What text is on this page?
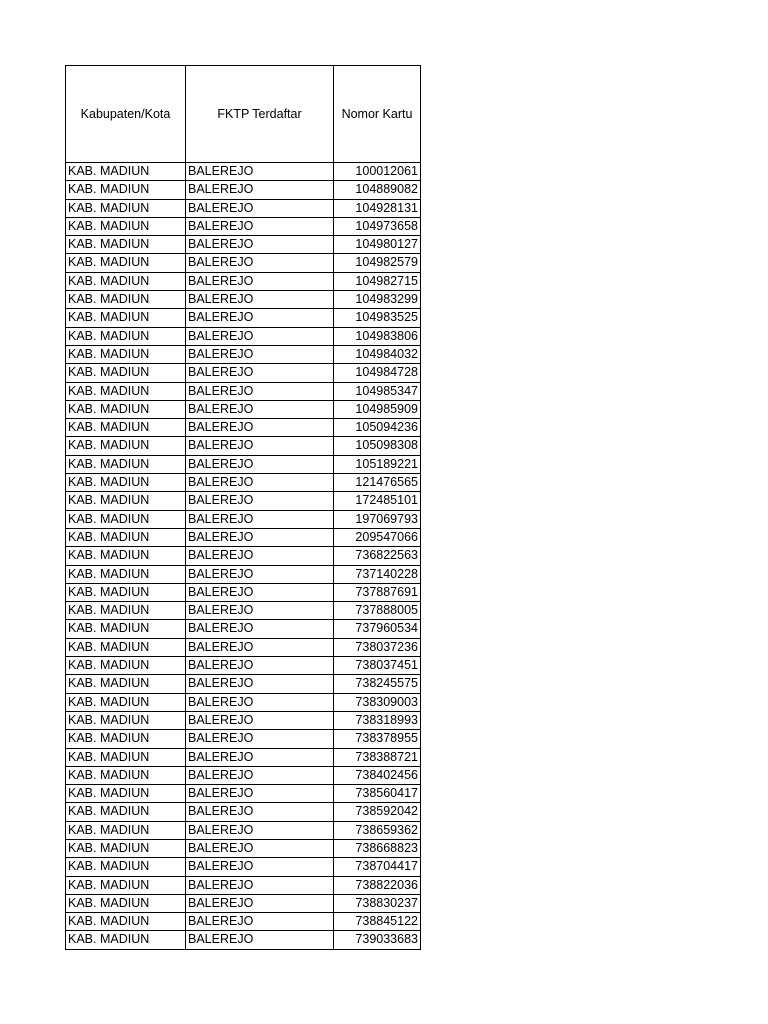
Kabupaten/Kota	FKTP Terdaftar	Nomor Kartu
KAB. MADIUN	BALEREJO	100012061
KAB. MADIUN	BALEREJO	104889082
KAB. MADIUN	BALEREJO	104928131
KAB. MADIUN	BALEREJO	104973658
KAB. MADIUN	BALEREJO	104980127
KAB. MADIUN	BALEREJO	104982579
KAB. MADIUN	BALEREJO	104982715
KAB. MADIUN	BALEREJO	104983299
KAB. MADIUN	BALEREJO	104983525
KAB. MADIUN	BALEREJO	104983806
KAB. MADIUN	BALEREJO	104984032
KAB. MADIUN	BALEREJO	104984728
KAB. MADIUN	BALEREJO	104985347
KAB. MADIUN	BALEREJO	104985909
KAB. MADIUN	BALEREJO	105094236
KAB. MADIUN	BALEREJO	105098308
KAB. MADIUN	BALEREJO	105189221
KAB. MADIUN	BALEREJO	121476565
KAB. MADIUN	BALEREJO	172485101
KAB. MADIUN	BALEREJO	197069793
KAB. MADIUN	BALEREJO	209547066
KAB. MADIUN	BALEREJO	736822563
KAB. MADIUN	BALEREJO	737140228
KAB. MADIUN	BALEREJO	737887691
KAB. MADIUN	BALEREJO	737888005
KAB. MADIUN	BALEREJO	737960534
KAB. MADIUN	BALEREJO	738037236
KAB. MADIUN	BALEREJO	738037451
KAB. MADIUN	BALEREJO	738245575
KAB. MADIUN	BALEREJO	738309003
KAB. MADIUN	BALEREJO	738318993
KAB. MADIUN	BALEREJO	738378955
KAB. MADIUN	BALEREJO	738388721
KAB. MADIUN	BALEREJO	738402456
KAB. MADIUN	BALEREJO	738560417
KAB. MADIUN	BALEREJO	738592042
KAB. MADIUN	BALEREJO	738659362
KAB. MADIUN	BALEREJO	738668823
KAB. MADIUN	BALEREJO	738704417
KAB. MADIUN	BALEREJO	738822036
KAB. MADIUN	BALEREJO	738830237
KAB. MADIUN	BALEREJO	738845122
KAB. MADIUN	BALEREJO	739033683
